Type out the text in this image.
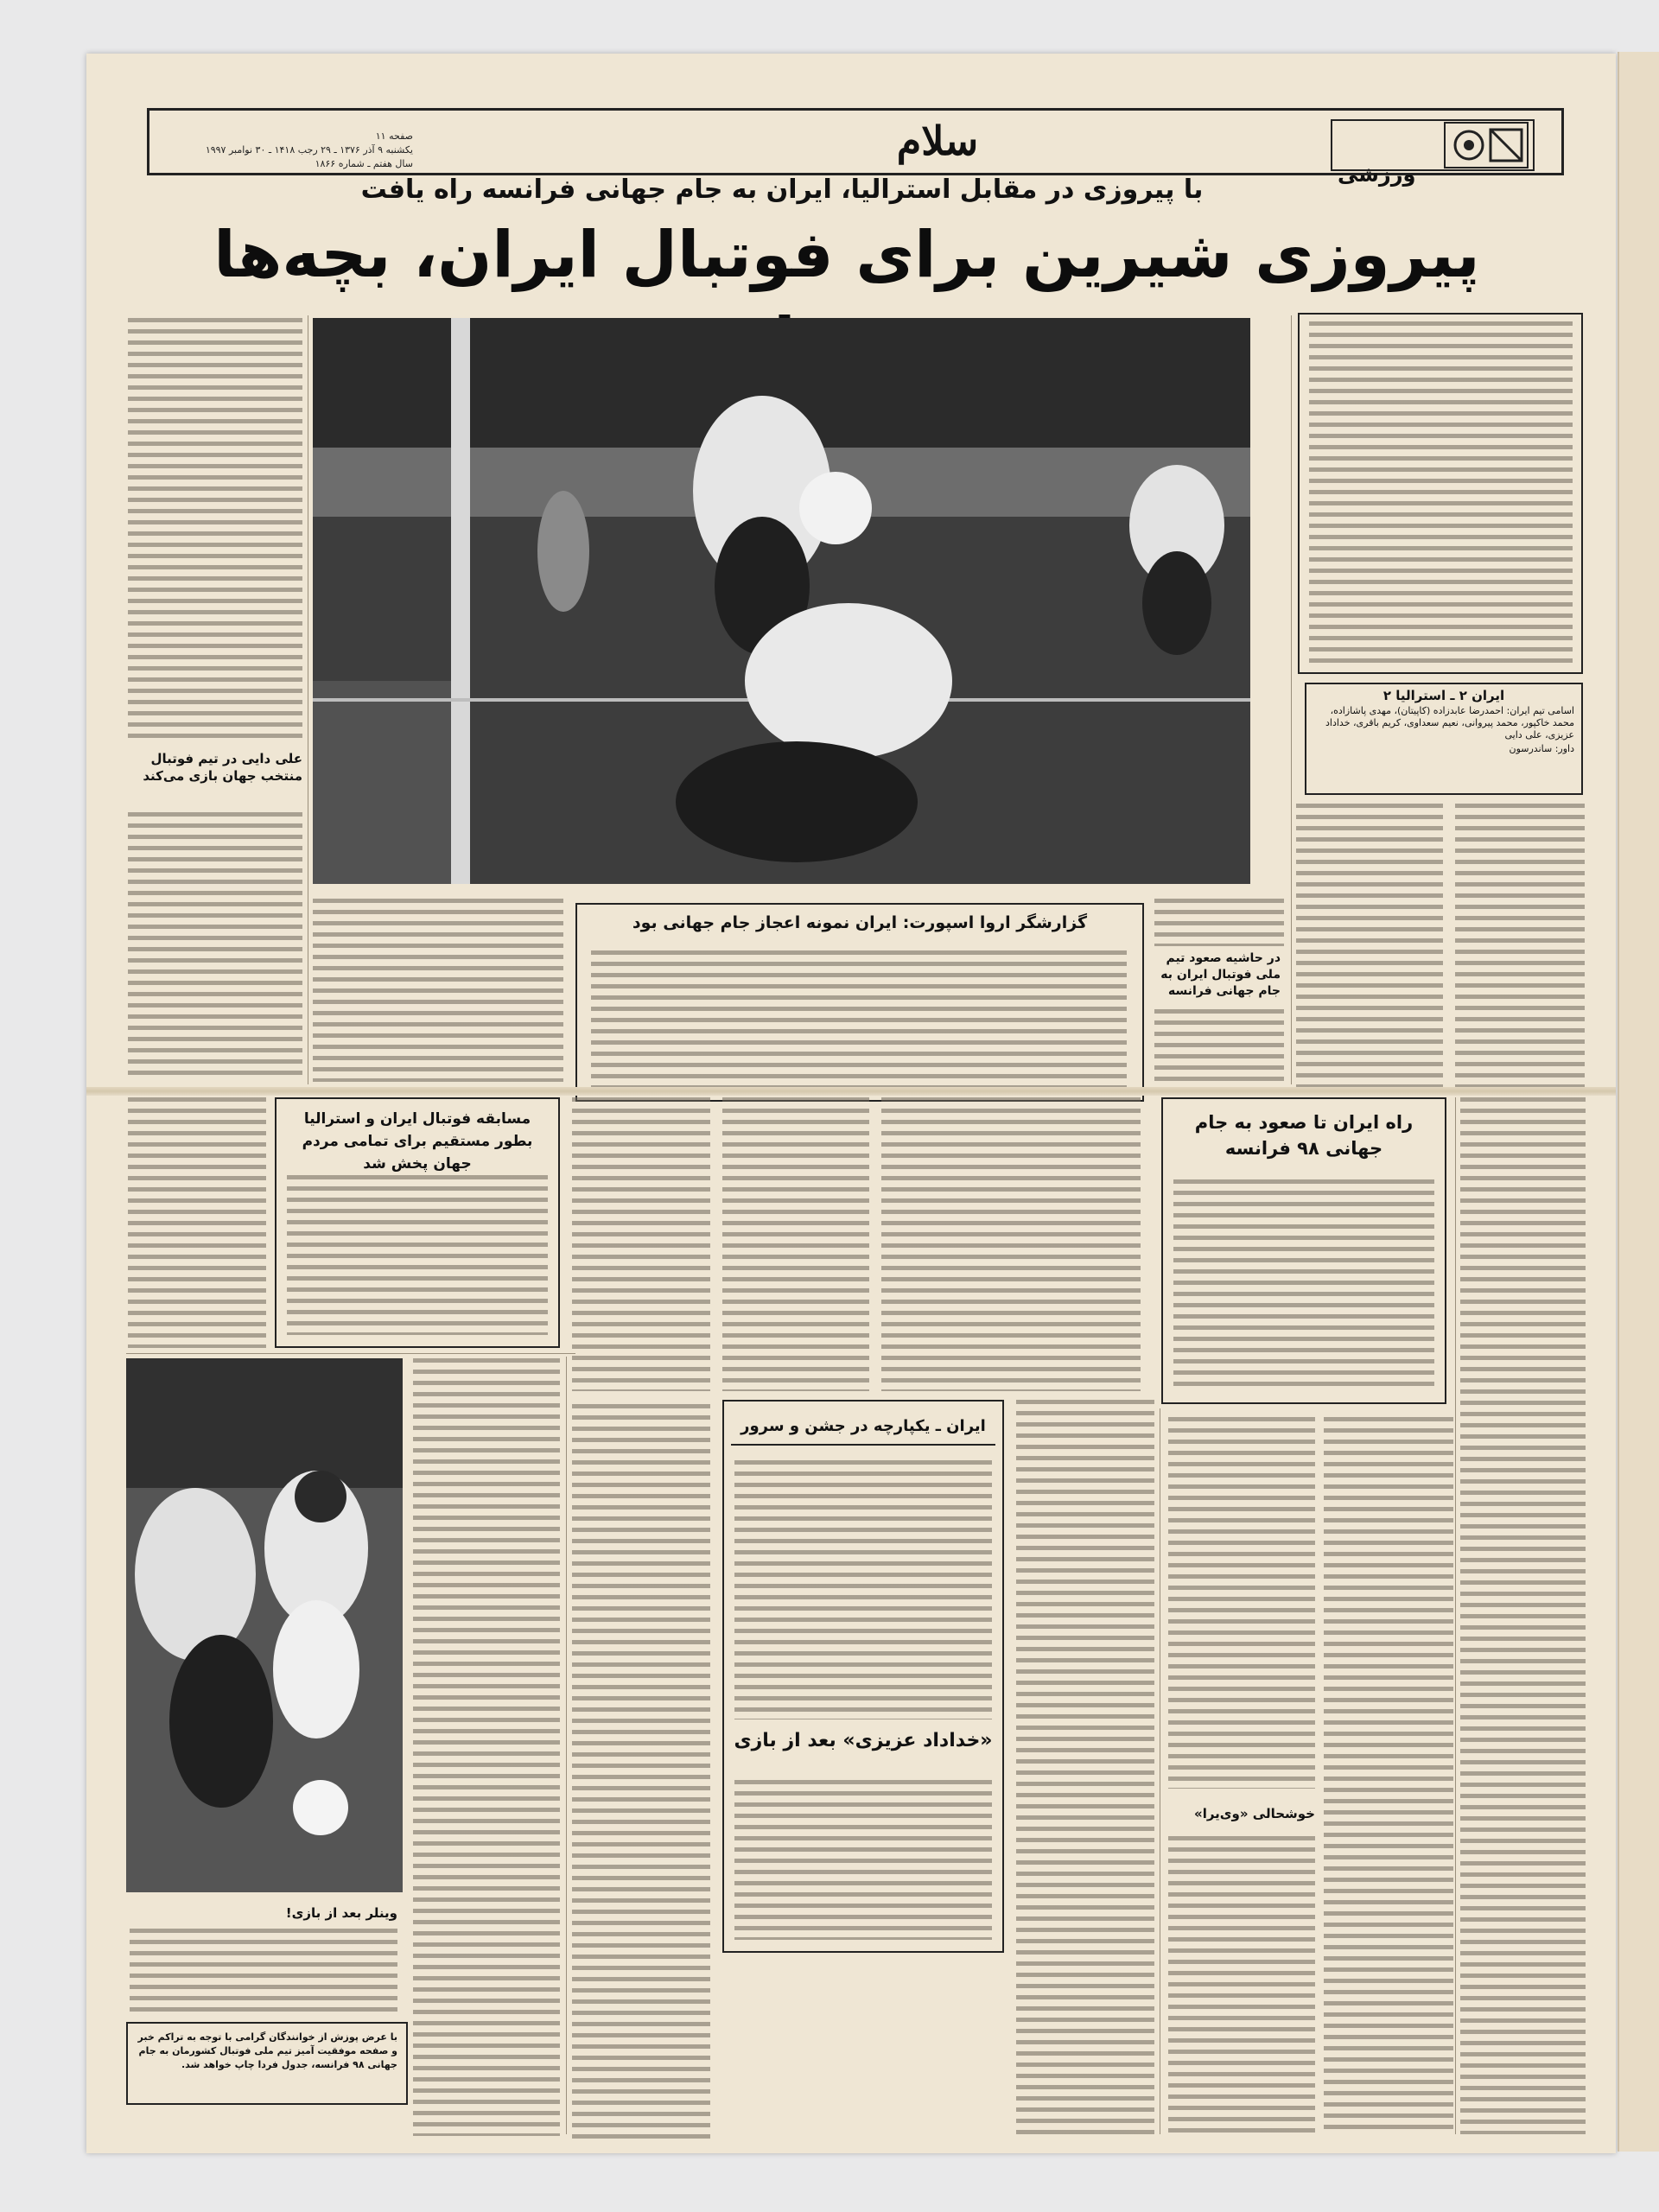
سلام
صفحه ۱۱
یکشنبه ۹ آذر ۱۳۷۶ ـ ۲۹ رجب ۱۴۱۸ ـ ۳۰ نوامبر ۱۹۹۷
سال هفتم ـ شماره ۱۸۶۶	ورزشی
با پیروزی در مقابل استرالیا، ایران به جام جهانی فرانسه راه یافت
پیروزی شیرین برای فوتبال ایران، بچه‌ها
ایران ۲ ـ استرالیا ۲
اسامی تیم ایران: احمدرضا عابدزاده (کاپیتان)، مهدی پاشازاده، محمد خاکپور، محمد پیروانی، نعیم سعداوی، کریم باقری، خداداد عزیزی، علی دایی
داور: ساندرسون
علی دایی در تیم فوتبال منتخب جهان بازی می‌کند
گزارشگر اروا اسپورت: ایران نمونه اعجاز جام جهانی بود
در حاشیه صعود تیم ملی فوتبال ایران به جام جهانی فرانسه
مسابقه فوتبال ایران و استرالیا بطور مستقیم برای تمامی مردم جهان پخش شد
راه ایران تا صعود به جام جهانی ۹۸ فرانسه
وینلر بعد از بازی!
با عرض پوزش از خوانندگان گرامی با توجه به تراکم خبر و صفحه موفقیت آمیز تیم ملی فوتبال کشورمان به جام جهانی ۹۸ فرانسه، جدول فردا چاپ خواهد شد.
ایران ـ یکپارچه در جشن و سرور
«خداداد عزیزی» بعد از بازی
خوشحالی «وی‌یرا»
